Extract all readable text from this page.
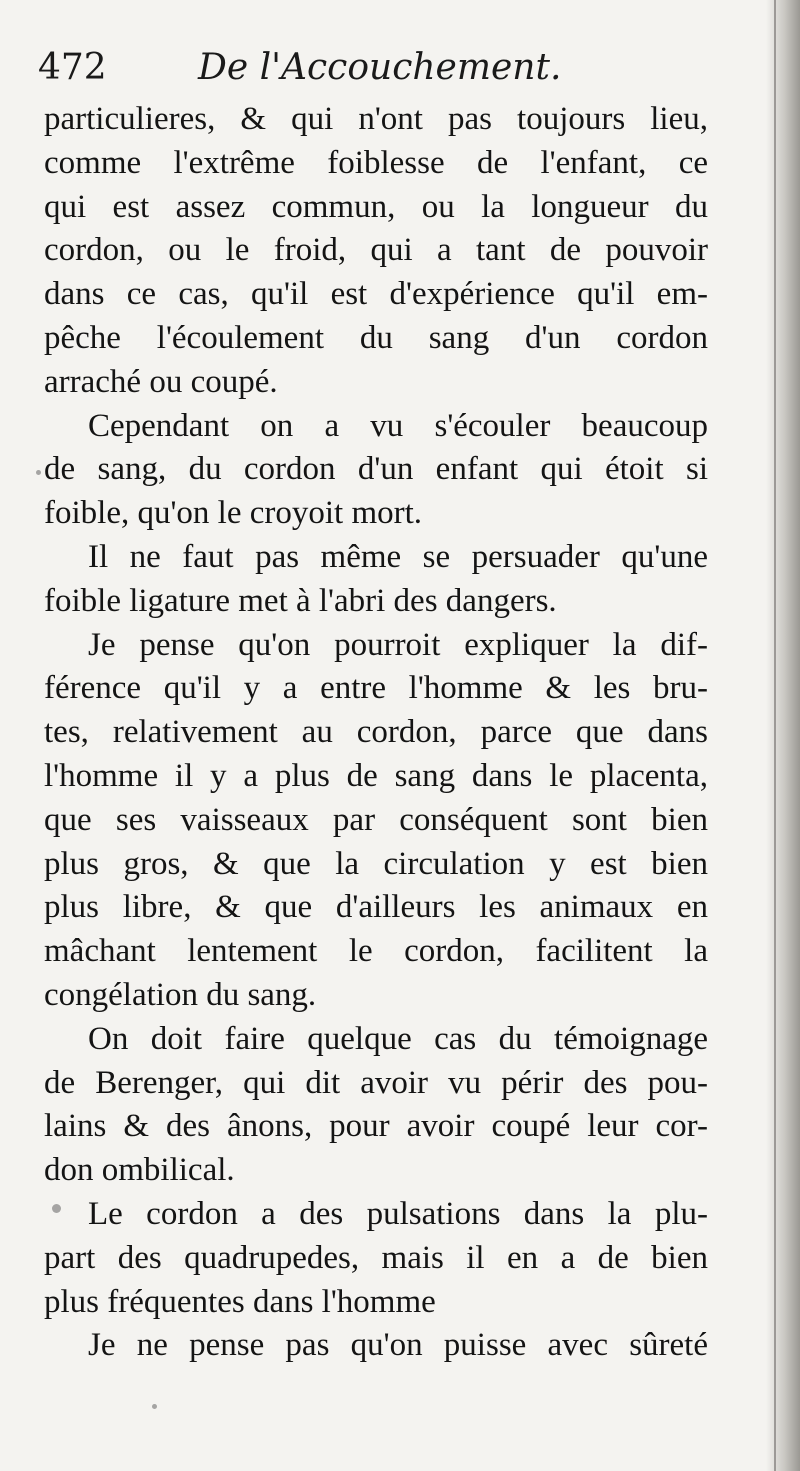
472	De l'Accouchement.
particulieres, & qui n'ont pas toujours lieu,
comme l'extrême foiblesse de l'enfant, ce
qui est assez commun, ou la longueur du
cordon, ou le froid, qui a tant de pouvoir
dans ce cas, qu'il est d'expérience qu'il em-
pêche l'écoulement du sang d'un cordon
arraché ou coupé.
Cependant on a vu s'écouler beaucoup
de sang, du cordon d'un enfant qui étoit si
foible, qu'on le croyoit mort.
Il ne faut pas même se persuader qu'une
foible ligature met à l'abri des dangers.
Je pense qu'on pourroit expliquer la dif-
férence qu'il y a entre l'homme & les bru-
tes, relativement au cordon, parce que dans
l'homme il y a plus de sang dans le placenta,
que ses vaisseaux par conséquent sont bien
plus gros, & que la circulation y est bien
plus libre, & que d'ailleurs les animaux en
mâchant lentement le cordon, facilitent la
congélation du sang.
On doit faire quelque cas du témoignage
de Berenger, qui dit avoir vu périr des pou-
lains & des ânons, pour avoir coupé leur cor-
don ombilical.
Le cordon a des pulsations dans la plu-
part des quadrupedes, mais il en a de bien
plus fréquentes dans l'homme
Je ne pense pas qu'on puisse avec sûreté
